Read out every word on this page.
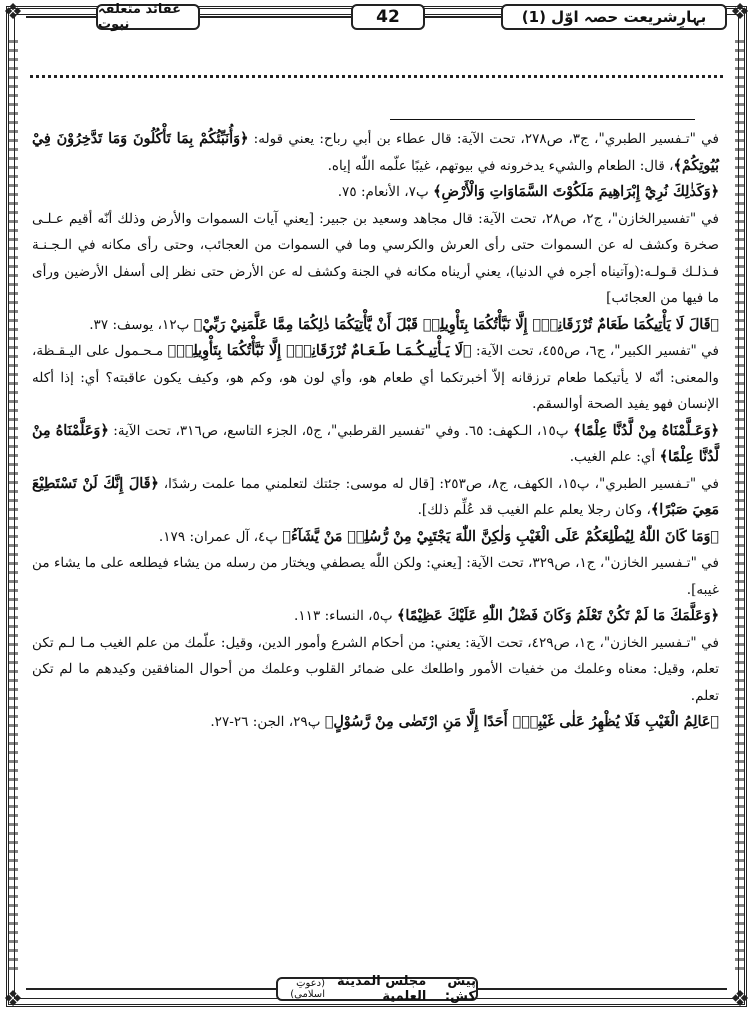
❖	❖
❖	❖
عقائد متعلقہ نبوت	42	بہارِشریعت حصہ اوّل (1)

في "تـفسير الطبري"، ج٣، ص٢٧٨، تحت الآية: قال عطاء بن أبي رباح: يعني قوله: ﴿وَأُنَبِّئُكُمْ بِمَا تَأْكُلُونَ وَمَا تَدَّخِرُوْنَ فِيْ بُيُوتِكُمْ﴾، قال: الطعام والشيء يدخرونه في بيوتهم، غيبًا علّمه اللّٰه إياه.

﴿وَكَذٰلِكَ نُرِيْٓ إِبْرَاهِيمَ مَلَكُوْتَ السَّمَاوَاتِ وَالْأَرْضِ﴾ پ٧، الأنعام: ٧٥.

في "تفسيرالخازن"، ج٢، ص٢٨، تحت الآية: قال مجاهد وسعيد بن جبير: [يعني آيات السموات والأرض وذلك أنّه أقيم عـلـى صخرة وكشف له عن السموات حتى رأى العرش والكرسي وما في السموات من العجائب، وحتى رأى مكانه في الـجـنـة فـذلـك قـولـه:(وآتيناه أجره في الدنيا)، يعني أريناه مكانه في الجنة وكشف له عن الأرض حتى نظر إلى أسفل الأرضين ورأى ما فيها من العجائب]

﴿قَالَ لَا يَأْتِيكُمَا طَعَامٌ تُرْزَقَانِهٖٓ إِلَّا نَبَّأْتُكُمَا بِتَأْوِيلِهٖ قَبْلَ أَنْ يَّأْتِيَكُمَا ذٰلِكُمَا مِمَّا عَلَّمَنِيْ رَبِّيْ﴾ پ١٢، يوسف: ٣٧.

في "تفسير الكبير"، ج٦، ص٤٥٥، تحت الآية: ﴿لَا يَـأْتِيـكُـمَـا طَـعَـامٌ تُرْزَقَانِهٖٓ إِلَّا نَبَّأْتُكُمَا بِتَأْوِيلِهٖ﴾ مـحـمول على اليـقـظة، والمعنى: أنّه لا يأتيكما طعام ترزقانه إلاّ أخبرتكما أي طعام هو، وأي لون هو، وكم هو، وكيف يكون عاقبته؟ أي: إذا أكله الإنسان فهو يفيد الصحة أوالسقم.

﴿وَعَـلَّمْنَاهُ مِنْ لَّدُنَّا عِلْمًا﴾ پ١٥، الـكهف: ٦٥. وفي "تفسير القرطبي"، ج٥، الجزء التاسع، ص٣١٦، تحت الآية: ﴿وَعَلَّمْنَاهُ مِنْ لَّدُنَّا عِلْمًا﴾ أي: علم الغيب.

في "تـفسير الطبري"، پ١٥، الكهف، ج٨، ص٢٥٣: [قال له موسى: جئتك لتعلمني مما علمت رشدًا، ﴿قَالَ إِنَّكَ لَنْ تَسْتَطِيْعَ مَعِيَ صَبْرًا﴾، وكان رجلا يعلم علم الغيب قد عُلِّم ذلك].

﴿وَمَا كَانَ اللّٰهُ لِيُطْلِعَكُمْ عَلَى الْغَيْبِ وَلٰكِنَّ اللّٰهَ يَجْتَبِيْ مِنْ رُّسُلِهٖ مَنْ يَّشَآءُ﴾ پ٤، آل عمران: ١٧٩.

في "تـفسير الخازن"، ج١، ص٣٢٩، تحت الآية: [يعني: ولكن اللّٰه يصطفي ويختار من رسله من يشاء فيطلعه على ما يشاء من غيبه].

﴿وَعَلَّمَكَ مَا لَمْ تَكُنْ تَعْلَمُ وَكَانَ فَضْلُ اللّٰهِ عَلَيْكَ عَظِيْمًا﴾ پ٥، النساء: ١١٣.

في "تـفسير الخازن"، ج١، ص٤٢٩، تحت الآية: يعني: من أحكام الشرع وأمور الدين، وقيل: علّمك من علم الغيب مـا لـم تكن تعلم، وقيل: معناه وعلمك من خفيات الأمور واطلعك على ضمائر القلوب وعلمك من أحوال المنافقين وكيدهم ما لم تكن تعلم.

﴿عَالِمُ الْغَيْبِ فَلَا يُظْهِرُ عَلٰى غَيْبِهٖٓ أَحَدًا إِلَّا مَنِ ارْتَضٰى مِنْ رَّسُوْلٍ﴾ پ٢٩، الجن: ٢٦-٢٧.

پیش کش:

مجلس المدينة العلمية

(دعوتِ اسلامی)
